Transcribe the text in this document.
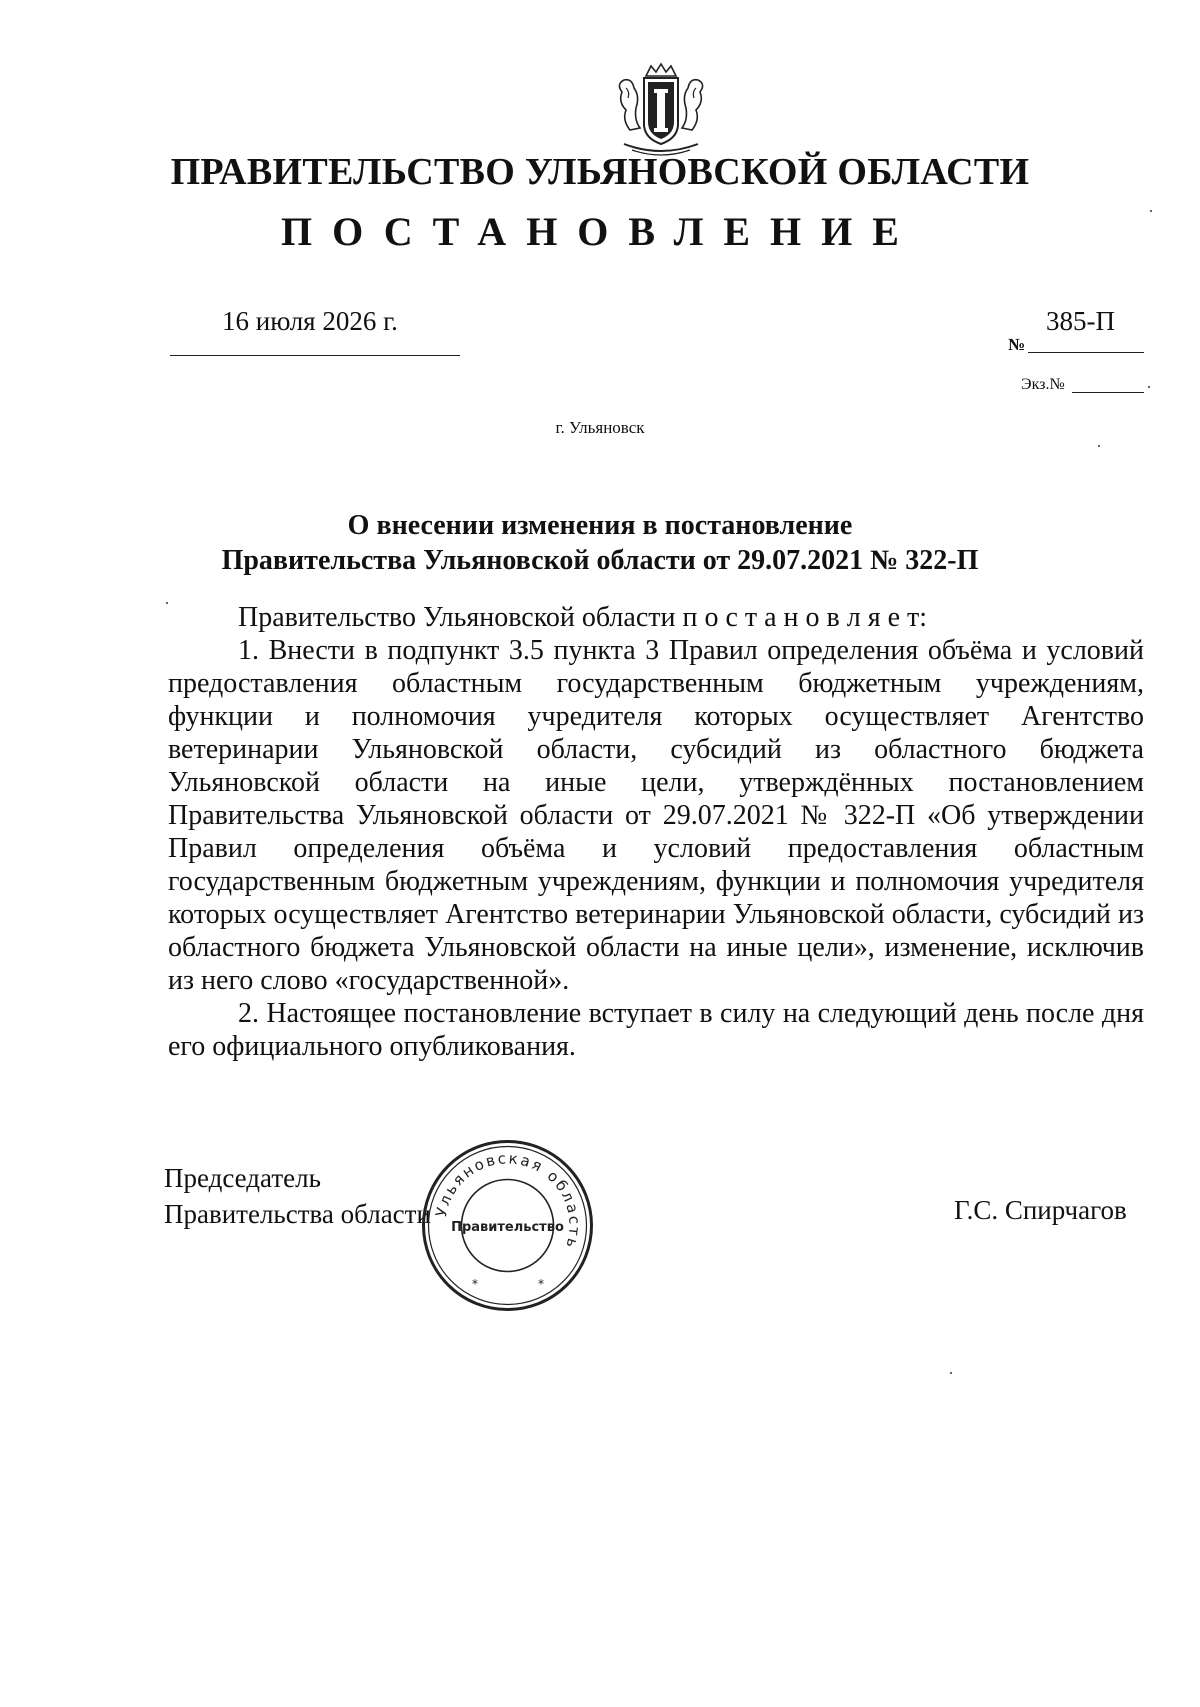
ПРАВИТЕЛЬСТВО УЛЬЯНОВСКОЙ ОБЛАСТИ
ПОСТАНОВЛЕНИЕ
16 июля 2026 г.
№
385-П
Экз.№
г. Ульяновск
О внесении изменения в постановление
Правительства Ульяновской области от 29.07.2021 № 322-П

Правительство Ульяновской области п о с т а н о в л я е т:

1. Внести в подпункт 3.5 пункта 3 Правил определения объёма и условий предоставления областным государственным бюджетным учреждениям, функции и полномочия учредителя которых осуществляет Агентство ветеринарии Ульяновской области, субсидий из областного бюджета Ульяновской области на иные цели, утверждённых постановлением Правительства Ульяновской области от 29.07.2021 № 322-П «Об утверждении Правил определения объёма и условий предоставления областным государственным бюджетным учреждениям, функции и полномочия учредителя которых осуществляет Агентство ветеринарии Ульяновской области, субсидий из областного бюджета Ульяновской области на иные цели», изменение, исключив из него слово «государственной».

2. Настоящее постановление вступает в силу на следующий день после дня его официального опубликования.

Председатель
Правительства области	Г.С. Спирчагов
Ульяновская область
Правительство
*	*
